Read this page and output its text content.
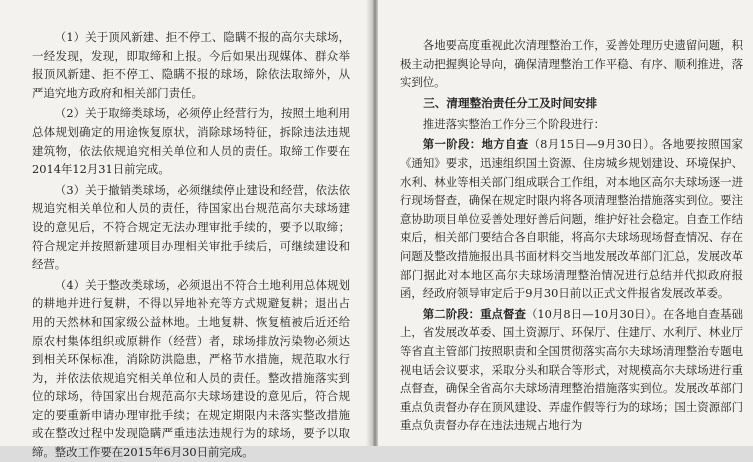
（1）关于顶风新建、拒不停工、隐瞒不报的高尔夫球场，一经发现，发现，即取缔和上报。今后如果出现媒体、群众举报顶风新建、拒不停工、隐瞒不报的球场，除依法取缔外，从严追究地方政府和相关部门责任。

（2）关于取缔类球场，必须停止经营行为，按照土地利用总体规划确定的用途恢复原状，消除球场特征，拆除违法违规建筑物，依法依规追究相关单位和人员的责任。取缔工作要在2014年12月31日前完成。

（3）关于撤销类球场，必须继续停止建设和经营，依法依规追究相关单位和人员的责任，待国家出台规范高尔夫球场建设的意见后，不符合规定无法办理审批手续的，要予以取缔；符合规定并按照新建项目办理相关审批手续后，可继续建设和经营。

（4）关于整改类球场，必须退出不符合土地利用总体规划的耕地并进行复耕，不得以异地补充等方式规避复耕；退出占用的天然林和国家级公益林地。土地复耕、恢复植被后近还给原农村集体组织或原耕作（经营）者，球场排放污染物必须达到相关环保标准，消除防洪隐患，严格节水措施，规范取水行为，并依法依规追究相关单位和人员的责任。整改措施落实到位的球场，待国家出台规范高尔夫球场建设的意见后，符合规定的要重新申请办理审批手续；在规定期限内未落实整改措施或在整改过程中发现隐瞒严重违法违规行为的球场，要予以取缔。整改工作要在2015年6月30日前完成。

各地要高度重视此次清理整治工作，妥善处理历史遗留问题，积极主动把握舆论导向，确保清理整治工作平稳、有序、顺利推进，落实到位。

三、清理整治责任分工及时间安排

推进落实整治工作分三个阶段进行：

第一阶段：地方自查（8月15日—9月30日）。各地要按照国家《通知》要求，迅速组织国土资源、住房城乡规划建设、环境保护、水利、林业等相关部门组成联合工作组，对本地区高尔夫球场逐一进行现场督查，确保在规定时限内将各项清理整治措施落实到位。要注意协助项目单位妥善处理好善后问题，维护好社会稳定。自查工作结束后，相关部门要结合各自职能，将高尔夫球场现场督查情况、存在问题及整改措施报出具书面材料交当地发展改革部门汇总，发展改革部门据此对本地区高尔夫球场清理整治情况进行总结并代拟政府报函，经政府领导审定后于9月30日前以正式文件报省发展改革委。

第二阶段：重点督查（10月8日—10月30日）。在各地自查基础上，省发展改革委、国土资源厅、环保厅、住建厅、水利厅、林业厅等省直主管部门按照职责和全国贯彻落实高尔夫球场清理整治专题电视电话会议要求，采取分头和联合等形式，对规模高尔夫球场进行重点督查，确保全省高尔夫球场清理整治措施落实到位。发展改革部门重点负责督办存在顶风建设、弄虚作假等行为的球场；国土资源部门重点负责督办存在违法违规占地行为
